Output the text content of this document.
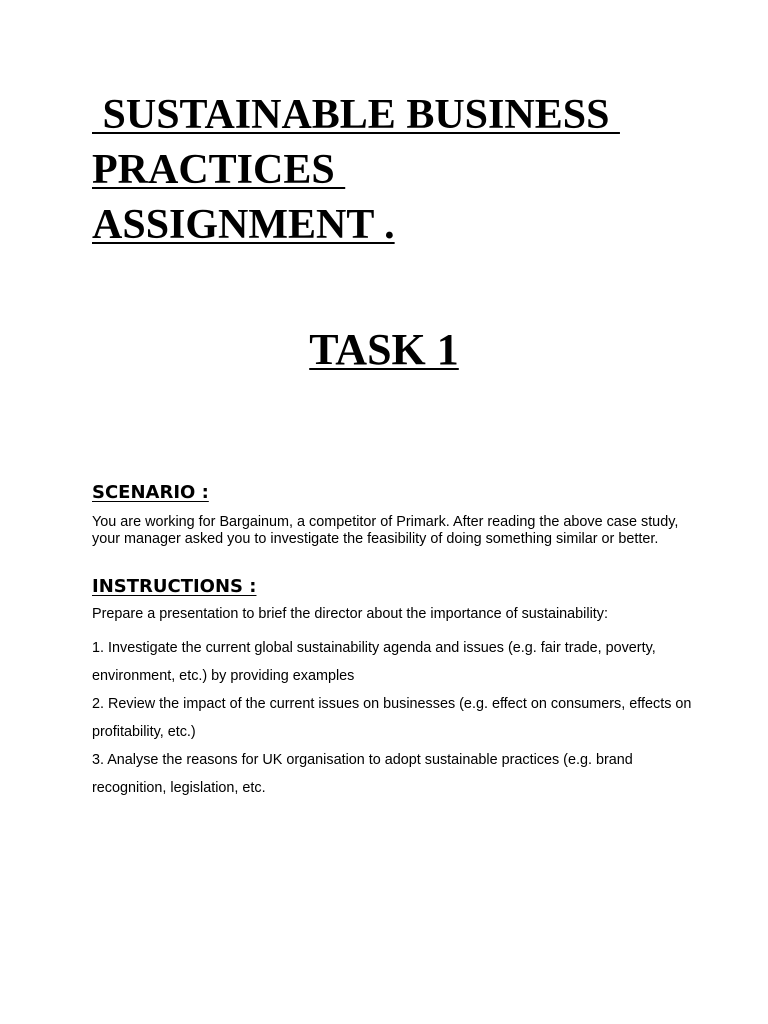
SUSTAINABLE BUSINESS
PRACTICES
ASSIGNMENT .
TASK 1
SCENARIO :

You are working for Bargainum, a competitor of Primark. After reading the above case study, your manager asked you to investigate the feasibility of doing something similar or better.

INSTRUCTIONS :

Prepare a presentation to brief the director about the importance of sustainability:

1. Investigate the current global sustainability agenda and issues (e.g. fair trade, poverty, environment, etc.) by providing examples
2. Review the impact of the current issues on businesses (e.g. effect on consumers, effects on profitability, etc.)
3. Analyse the reasons for UK organisation to adopt sustainable practices (e.g. brand recognition, legislation, etc.
